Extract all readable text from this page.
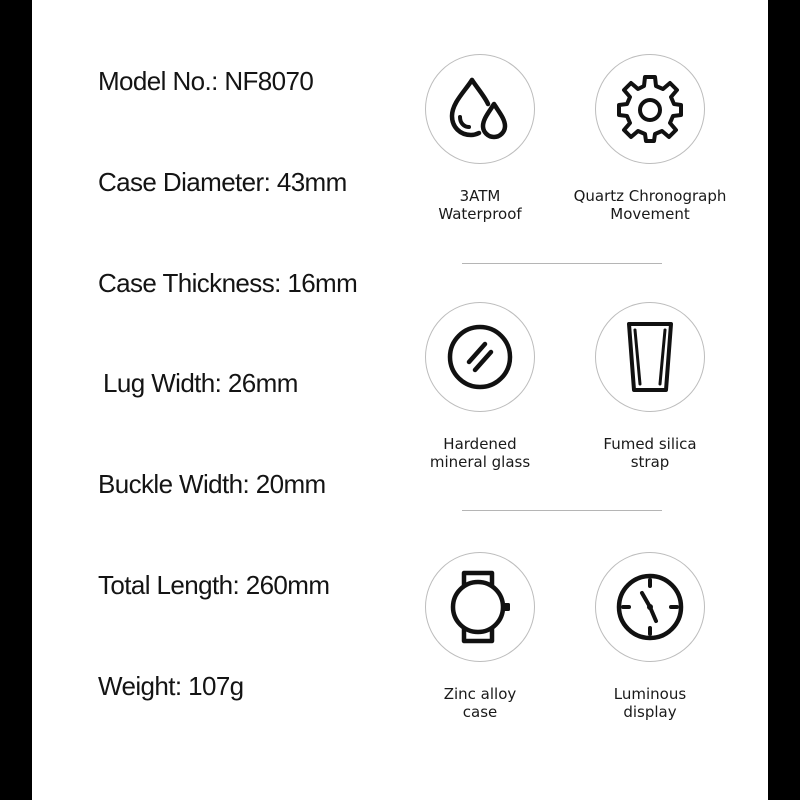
Model No.: NF8070
Case Diameter: 43mm
Case Thickness: 16mm
Lug Width: 26mm
Buckle Width: 20mm
Total Length: 260mm
Weight: 107g
3ATM
Waterproof
Quartz Chronograph
Movement
Hardened
mineral glass
Fumed silica
strap
Zinc alloy
case
Luminous
display
